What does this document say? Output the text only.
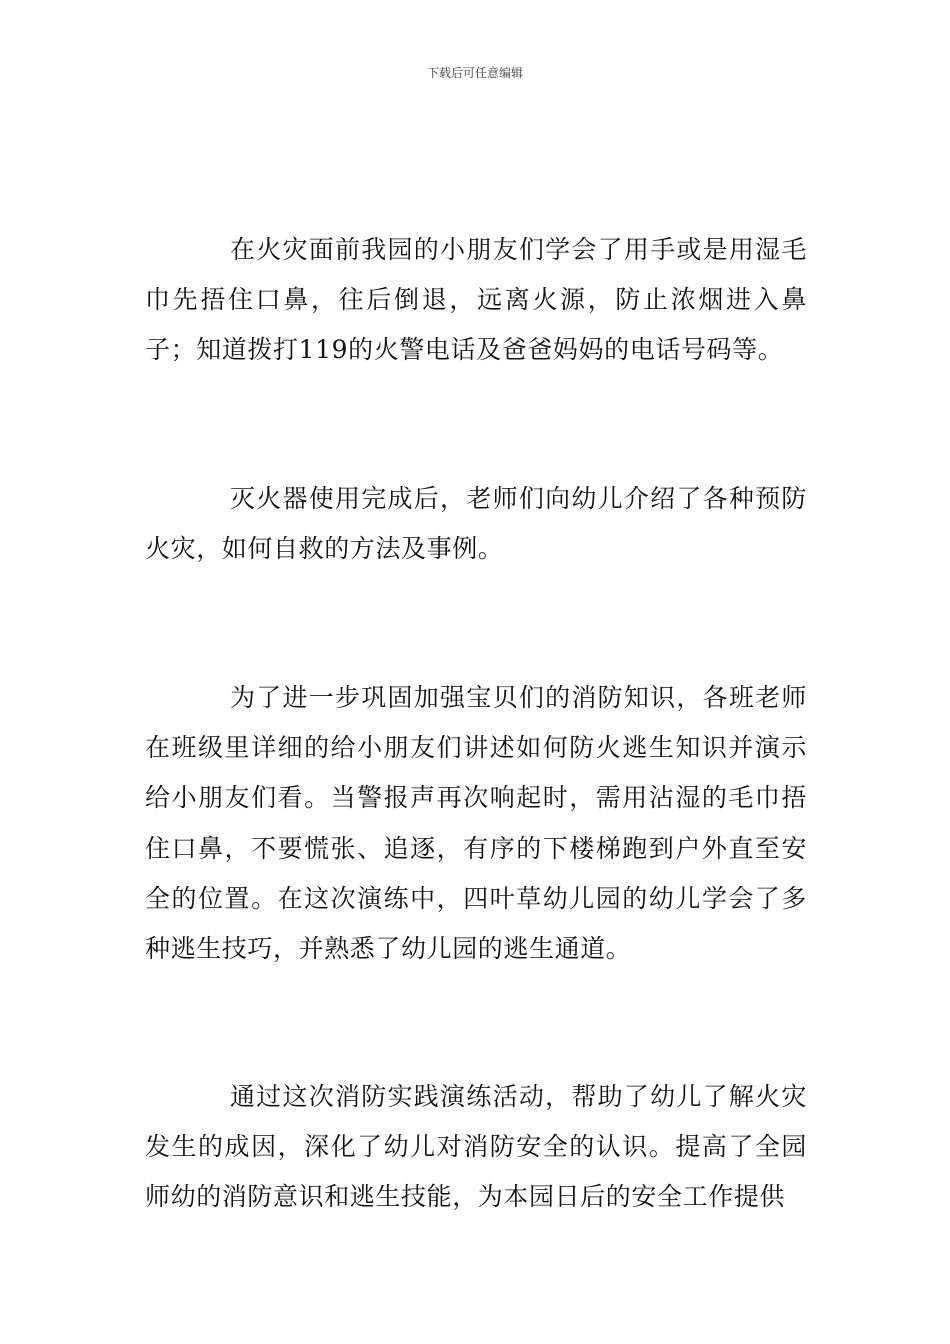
下载后可任意编辑

在火灾面前我园的小朋友们学会了用手或是用湿毛巾先捂住口鼻，往后倒退，远离火源，防止浓烟进入鼻子；知道拨打119的火警电话及爸爸妈妈的电话号码等。

灭火器使用完成后，老师们向幼儿介绍了各种预防火灾，如何自救的方法及事例。

为了进一步巩固加强宝贝们的消防知识，各班老师在班级里详细的给小朋友们讲述如何防火逃生知识并演示给小朋友们看。当警报声再次响起时，需用沾湿的毛巾捂住口鼻，不要慌张、追逐，有序的下楼梯跑到户外直至安全的位置。在这次演练中，四叶草幼儿园的幼儿学会了多种逃生技巧，并熟悉了幼儿园的逃生通道。

通过这次消防实践演练活动，帮助了幼儿了解火灾发生的成因，深化了幼儿对消防安全的认识。提高了全园师幼的消防意识和逃生技能，为本园日后的安全工作提供
